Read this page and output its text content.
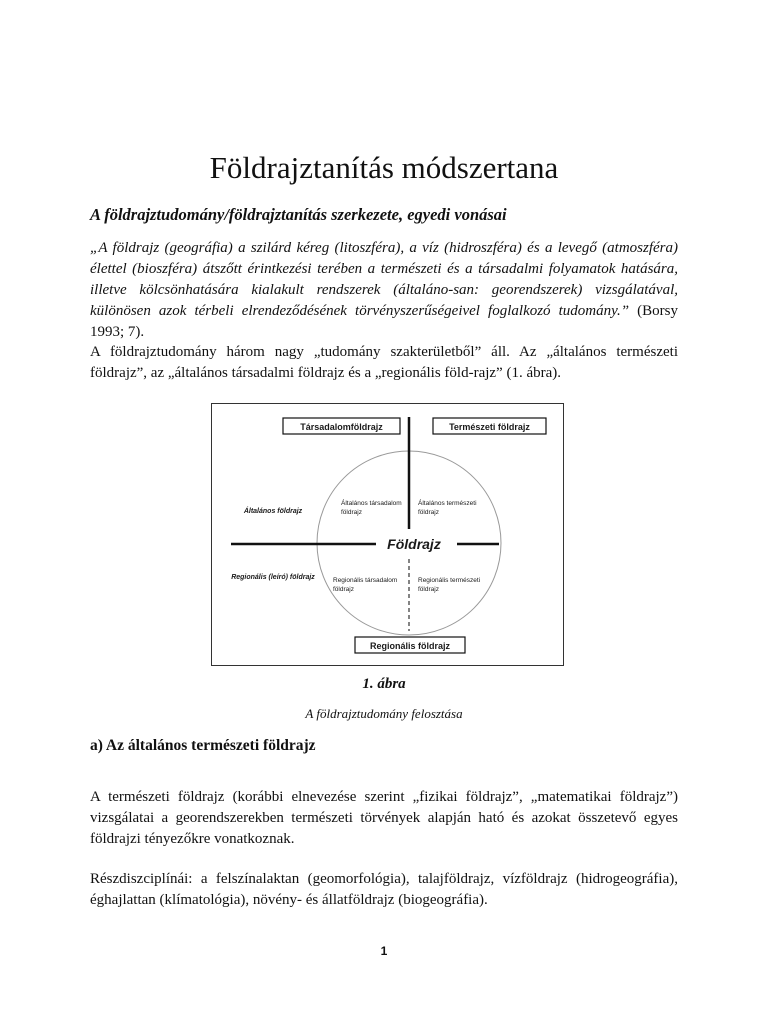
Földrajztanítás módszertana
A földrajztudomány/földrajztanítás szerkezete, egyedi vonásai

„A földrajz (geográfia) a szilárd kéreg (litoszféra), a víz (hidroszféra) és a levegő (atmoszféra) élettel (bioszféra) átszőtt érintkezési terében a természeti és a társadalmi folyamatok hatására, illetve kölcsönhatására kialakult rendszerek (általáno-san: georendszerek) vizsgálatával, különösen azok térbeli elrendeződésének törvényszerűségeivel foglalkozó tudomány.” (Borsy 1993; 7).

A földrajztudomány három nagy „tudomány szakterületből” áll. Az „általános természeti földrajz”, az „általános társadalmi földrajz és a „regionális föld-rajz” (1. ábra).

Társadalomföldrajz	Természeti földrajz
Regionális földrajz
Földrajz
Általános földrajz
Regionális (leíró) földrajz
Általános társadalom
földrajz
Általános természeti
földrajz
Regionális társadalom
földrajz
Regionális természeti
földrajz

1. ábra

A földrajztudomány felosztása

a) Az általános természeti földrajz

A természeti földrajz (korábbi elnevezése szerint „fizikai földrajz”, „matematikai földrajz”) vizsgálatai a georendszerekben természeti törvények alapján ható és azokat összetevő egyes földrajzi tényezőkre vonatkoznak.

Részdiszciplínái: a felszínalaktan (geomorfológia), talajföldrajz, vízföldrajz (hidrogeográfia), éghajlattan (klímatológia), növény- és állatföldrajz (biogeográfia).

1
